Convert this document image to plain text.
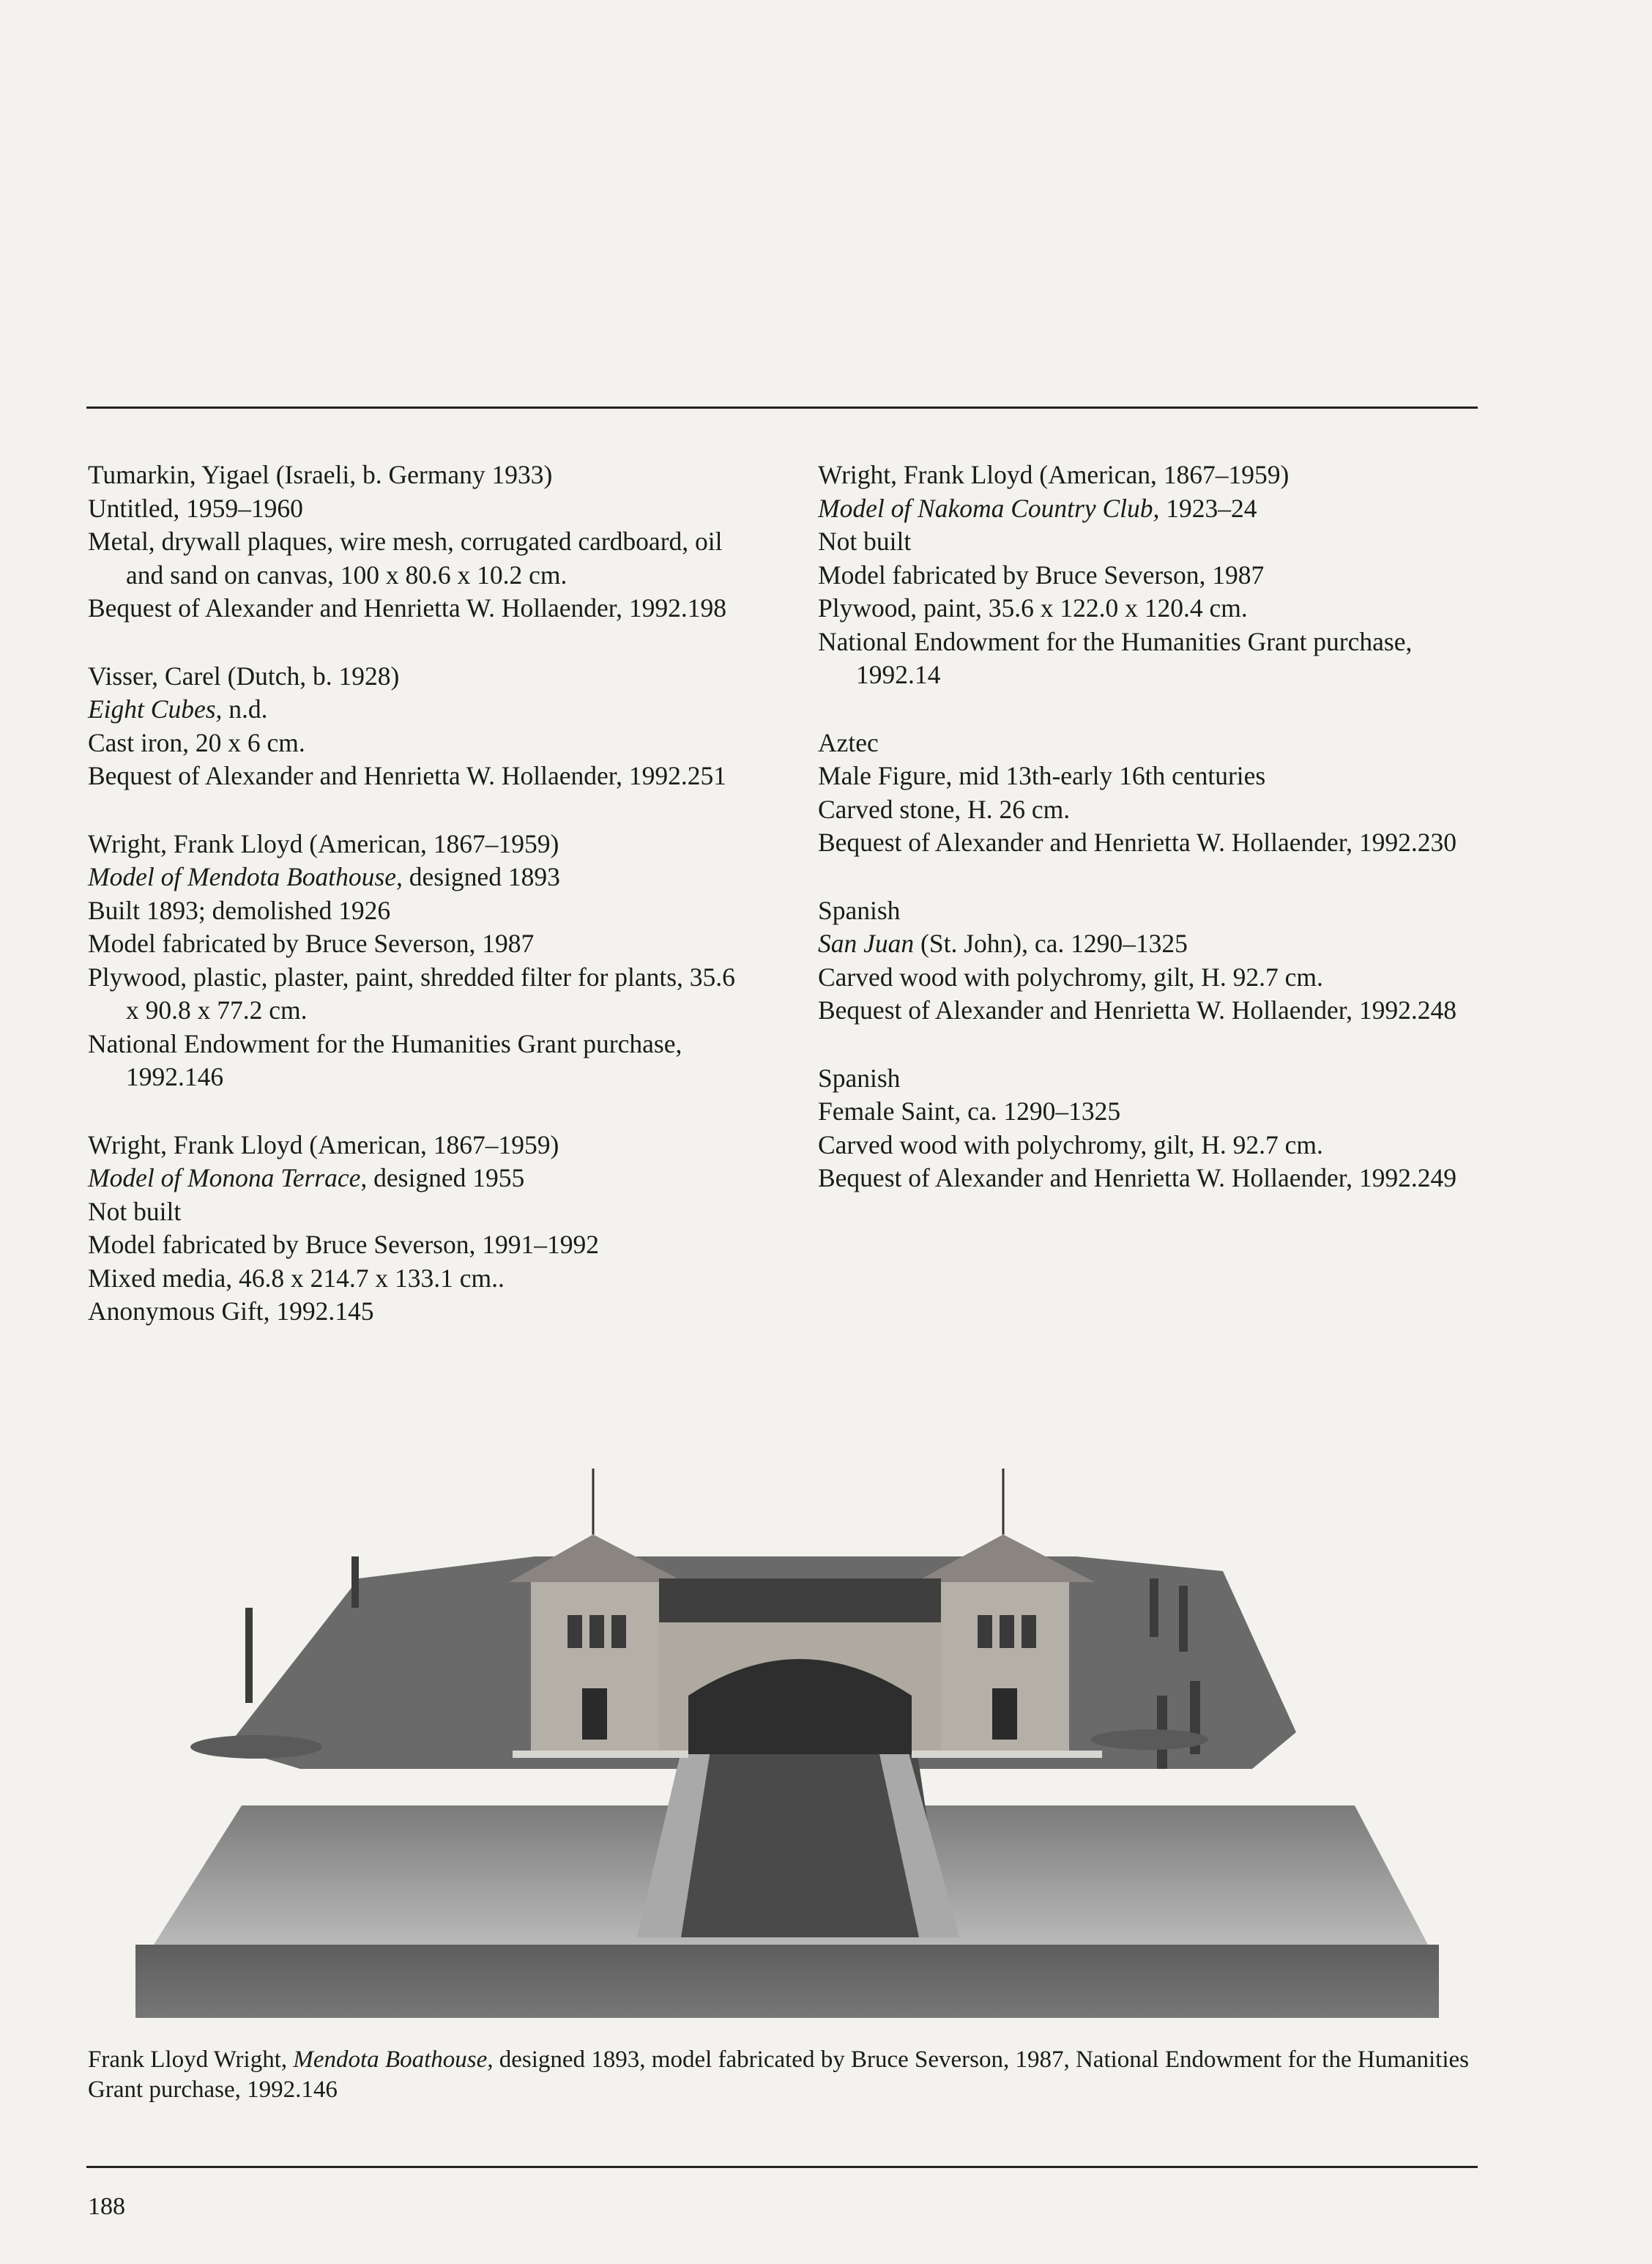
Tumarkin, Yigael (Israeli, b. Germany 1933)
Untitled, 1959–1960
Metal, drywall plaques, wire mesh, corrugated cardboard, oil and sand on canvas, 100 x 80.6 x 10.2 cm.
Bequest of Alexander and Henrietta W. Hollaender, 1992.198
Visser, Carel (Dutch, b. 1928)
Eight Cubes, n.d.
Cast iron, 20 x 6 cm.
Bequest of Alexander and Henrietta W. Hollaender, 1992.251
Wright, Frank Lloyd (American, 1867–1959)
Model of Mendota Boathouse, designed 1893
Built 1893; demolished 1926
Model fabricated by Bruce Severson, 1987
Plywood, plastic, plaster, paint, shredded filter for plants, 35.6 x 90.8 x 77.2 cm.
National Endowment for the Humanities Grant purchase, 1992.146
Wright, Frank Lloyd (American, 1867–1959)
Model of Monona Terrace, designed 1955
Not built
Model fabricated by Bruce Severson, 1991–1992
Mixed media, 46.8 x 214.7 x 133.1 cm..
Anonymous Gift, 1992.145
Wright, Frank Lloyd (American, 1867–1959)
Model of Nakoma Country Club, 1923–24
Not built
Model fabricated by Bruce Severson, 1987
Plywood, paint, 35.6 x 122.0 x 120.4 cm.
National Endowment for the Humanities Grant purchase, 1992.14
Aztec
Male Figure, mid 13th-early 16th centuries
Carved stone, H. 26 cm.
Bequest of Alexander and Henrietta W. Hollaender, 1992.230
Spanish
San Juan (St. John), ca. 1290–1325
Carved wood with polychromy, gilt, H. 92.7 cm.
Bequest of Alexander and Henrietta W. Hollaender, 1992.248
Spanish
Female Saint, ca. 1290–1325
Carved wood with polychromy, gilt, H. 92.7 cm.
Bequest of Alexander and Henrietta W. Hollaender, 1992.249
Frank Lloyd Wright, Mendota Boathouse, designed 1893, model fabricated by Bruce Severson, 1987, National Endowment for the Humanities Grant purchase, 1992.146
188
